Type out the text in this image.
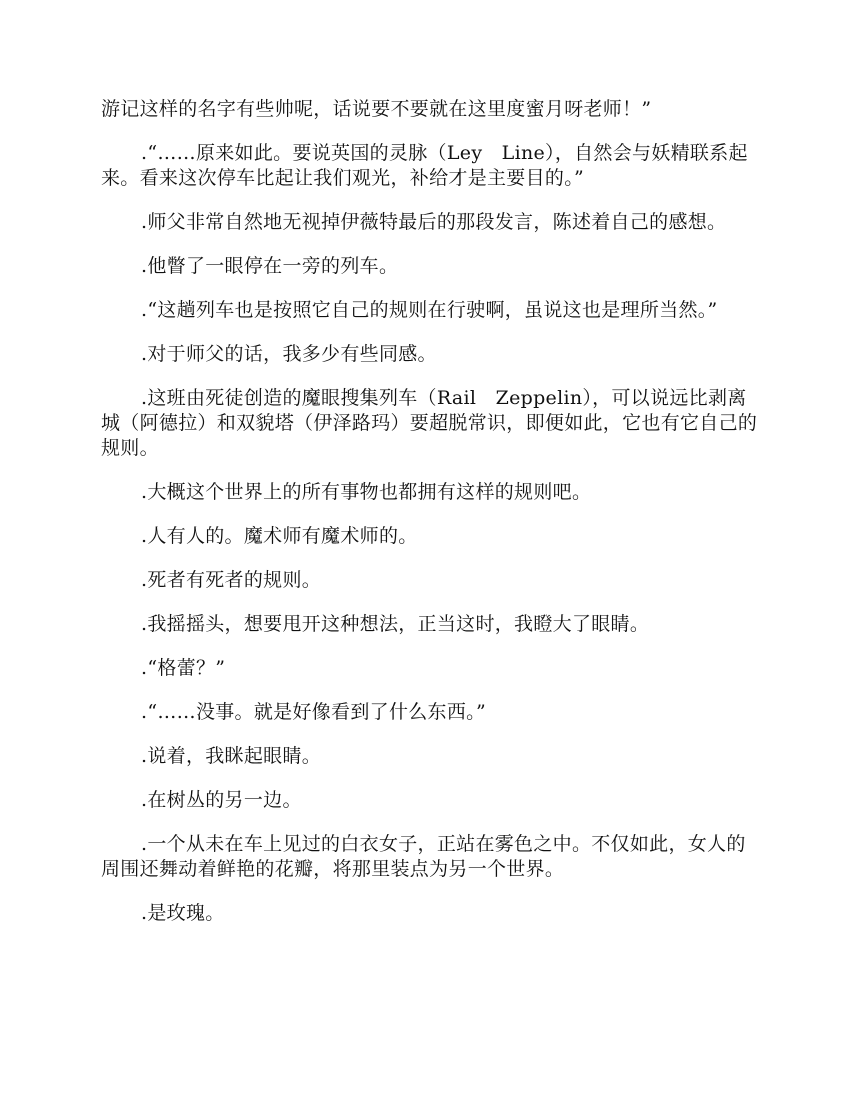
游记这样的名字有些帅呢，话说要不要就在这里度蜜月呀老师！”

.“……原来如此。要说英国的灵脉（Ley　Line），自然会与妖精联系起来。看来这次停车比起让我们观光，补给才是主要目的。”

.师父非常自然地无视掉伊薇特最后的那段发言，陈述着自己的感想。

.他瞥了一眼停在一旁的列车。

.“这趟列车也是按照它自己的规则在行驶啊，虽说这也是理所当然。”

.对于师父的话，我多少有些同感。

.这班由死徒创造的魔眼搜集列车（Rail　Zeppelin），可以说远比剥离城（阿德拉）和双貌塔（伊泽路玛）要超脱常识，即便如此，它也有它自己的规则。

.大概这个世界上的所有事物也都拥有这样的规则吧。

.人有人的。魔术师有魔术师的。

.死者有死者的规则。

.我摇摇头，想要甩开这种想法，正当这时，我瞪大了眼睛。

.“格蕾？”

.“……没事。就是好像看到了什么东西。”

.说着，我眯起眼睛。

.在树丛的另一边。

.一个从未在车上见过的白衣女子，正站在雾色之中。不仅如此，女人的周围还舞动着鲜艳的花瓣，将那里装点为另一个世界。

.是玫瑰。
